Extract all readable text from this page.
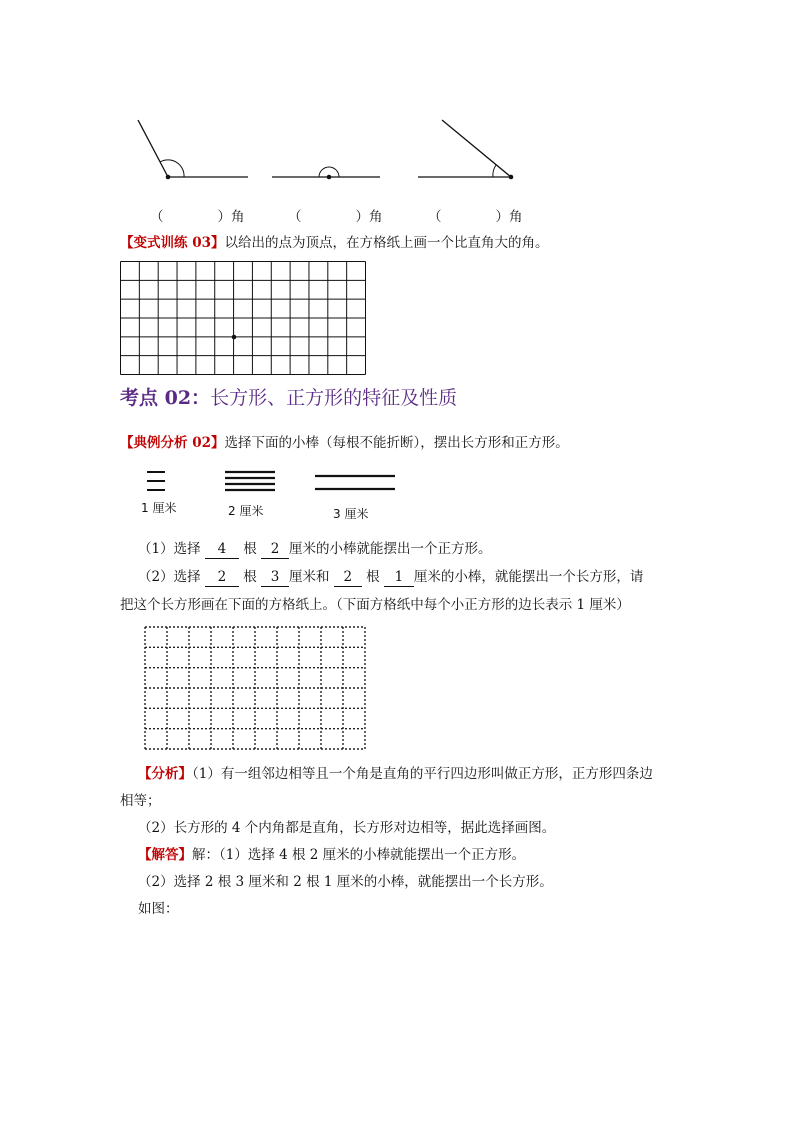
（　　　　）角	（　　　　）角	（　　　　）角
【变式训练 03】以给出的点为顶点，在方格纸上画一个比直角大的角。
考点 02：长方形、正方形的特征及性质
【典例分析 02】选择下面的小棒（每根不能折断），摆出长方形和正方形。
1 厘米	2 厘米	3 厘米
（1）选择 4 根 2 厘米的小棒就能摆出一个正方形。
（2）选择 2 根 3 厘米和 2 根 1 厘米的小棒，就能摆出一个长方形，请
把这个长方形画在下面的方格纸上。（下面方格纸中每个小正方形的边长表示 1 厘米）
【分析】（1）有一组邻边相等且一个角是直角的平行四边形叫做正方形，正方形四条边
相等；
（2）长方形的 4 个内角都是直角，长方形对边相等，据此选择画图。
【解答】解：（1）选择 4 根 2 厘米的小棒就能摆出一个正方形。
（2）选择 2 根 3 厘米和 2 根 1 厘米的小棒，就能摆出一个长方形。
如图：
